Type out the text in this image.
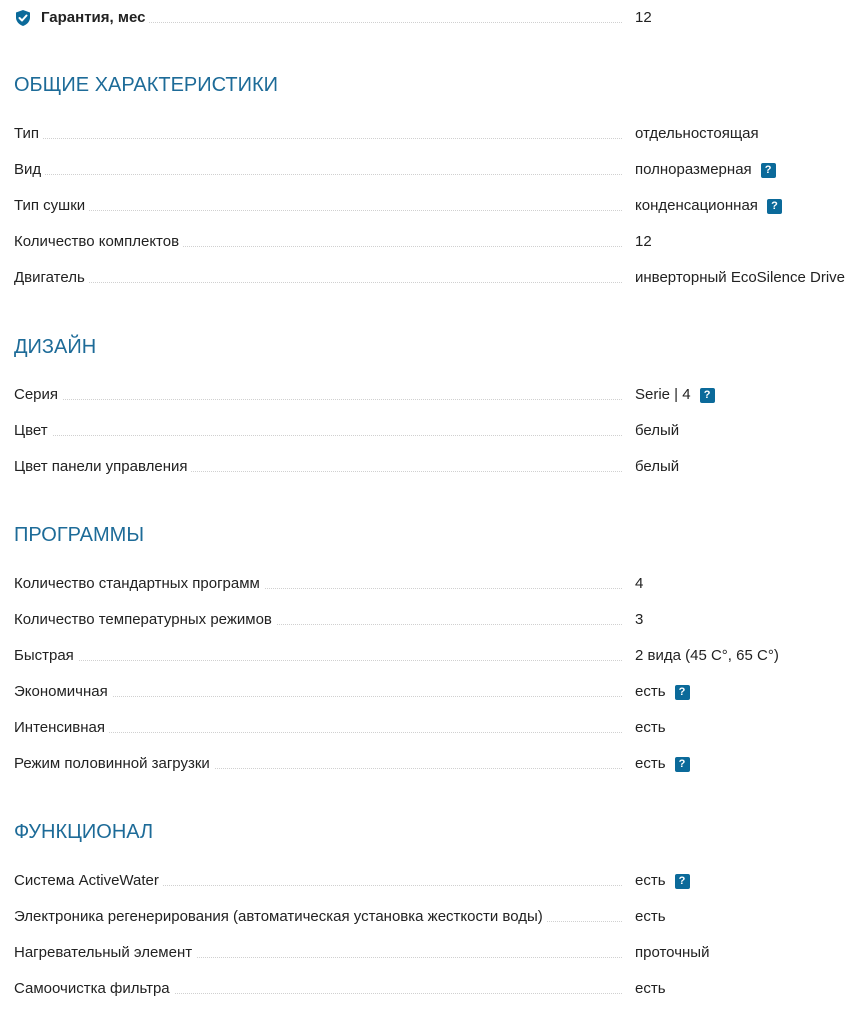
Гарантия, мес	12
ОБЩИЕ ХАРАКТЕРИСТИКИ
Тип	отдельностоящая
Вид	полноразмерная ?
Тип сушки	конденсационная ?
Количество комплектов	12
Двигатель	инверторный EcoSilence Drive
ДИЗАЙН
Серия	Serie | 4 ?
Цвет	белый
Цвет панели управления	белый
ПРОГРАММЫ
Количество стандартных программ	4
Количество температурных режимов	3
Быстрая	2 вида (45 С°, 65 С°)
Экономичная	есть ?
Интенсивная	есть
Режим половинной загрузки	есть ?
ФУНКЦИОНАЛ
Система ActiveWater	есть ?
Электроника регенерирования (автоматическая установка жесткости воды)	есть
Нагревательный элемент	проточный
Самоочистка фильтра	есть
